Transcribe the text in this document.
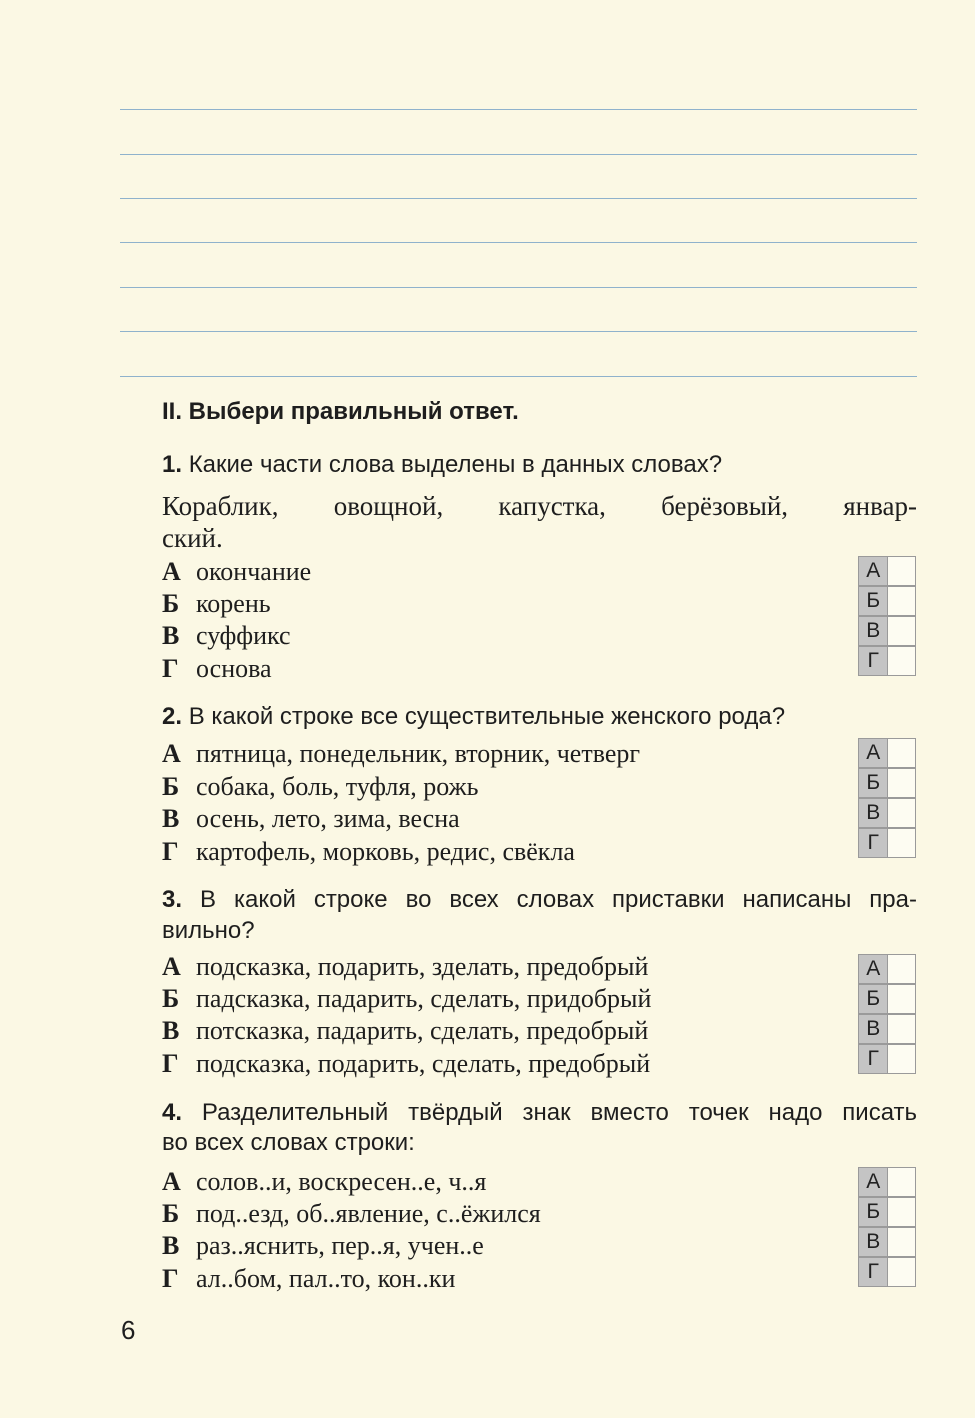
II. Выбери правильный ответ.
1. Какие части слова выделены в данных словах?
Кораблик, овощной, капустка, берёзовый, январ-
ский.
А окончание
Б корень
В суффикс
Г основа
А
Б
В
Г
2. В какой строке все существительные женского рода?
А пятница, понедельник, вторник, четверг
Б собака, боль, туфля, рожь
В осень, лето, зима, весна
Г картофель, морковь, редис, свёкла
А
Б
В
Г
3. В какой строке во всех словах приставки написаны пра-
вильно?
А подсказка, подарить, зделать, предобрый
Б падсказка, падарить, сделать, придобрый
В потсказка, падарить, сделать, предобрый
Г подсказка, подарить, сделать, предобрый
А
Б
В
Г
4. Разделительный твёрдый знак вместо точек надо писать
во всех словах строки:
А солов..и, воскресен..е, ч..я
Б под..езд, об..явление, с..ёжился
В раз..яснить, пер..я, учен..е
Г ал..бом, пал..то, кон..ки
А
Б
В
Г
6
